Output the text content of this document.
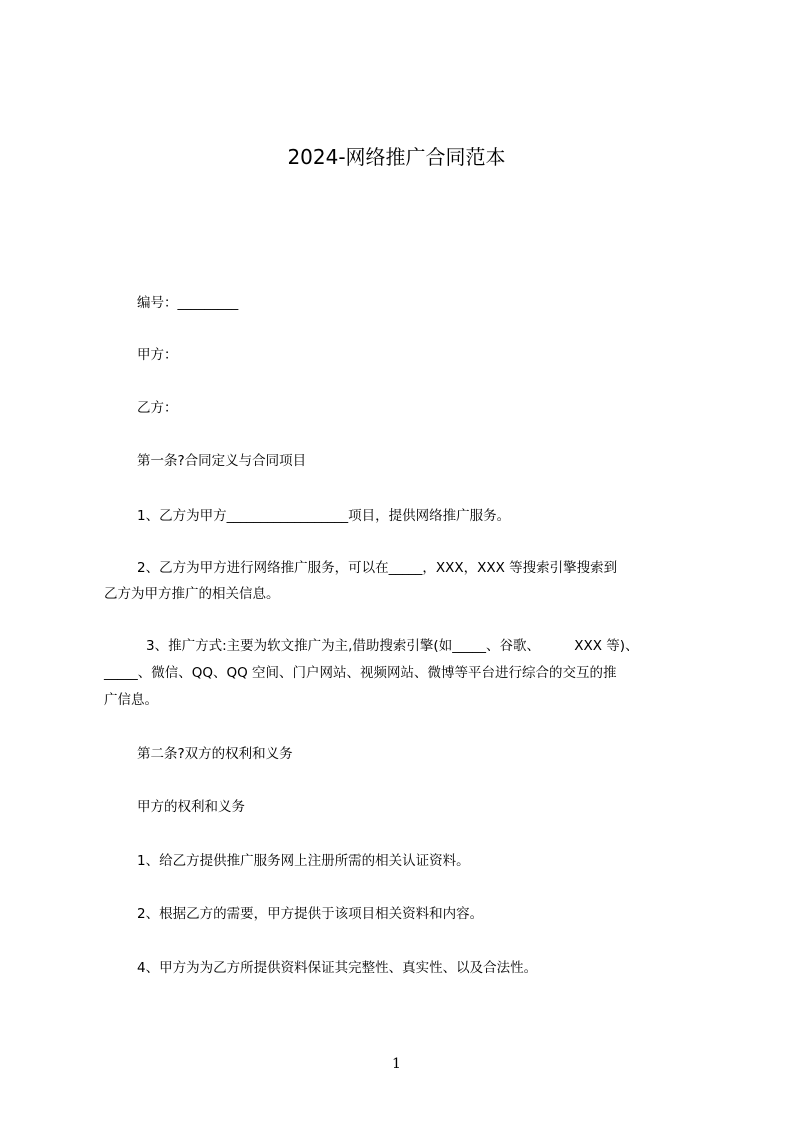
2024-网络推广合同范本
编号：_________
甲方：
乙方：
第一条?合同定义与合同项目
1、乙方为甲方__________________项目，提供网络推广服务。
2、乙方为甲方进行网络推广服务，可以在_____，XXX，XXX 等搜索引擎搜索到
乙方为甲方推广的相关信息。
3、推广方式:主要为软文推广为主,借助搜索引擎(如_____、谷歌、        XXX 等)、
_____、微信、QQ、QQ 空间、门户网站、视频网站、微博等平台进行综合的交互的推
广信息。
第二条?双方的权利和义务
甲方的权利和义务
1、给乙方提供推广服务网上注册所需的相关认证资料。
2、根据乙方的需要，甲方提供于该项目相关资料和内容。
4、甲方为为乙方所提供资料保证其完整性、真实性、以及合法性。
1
